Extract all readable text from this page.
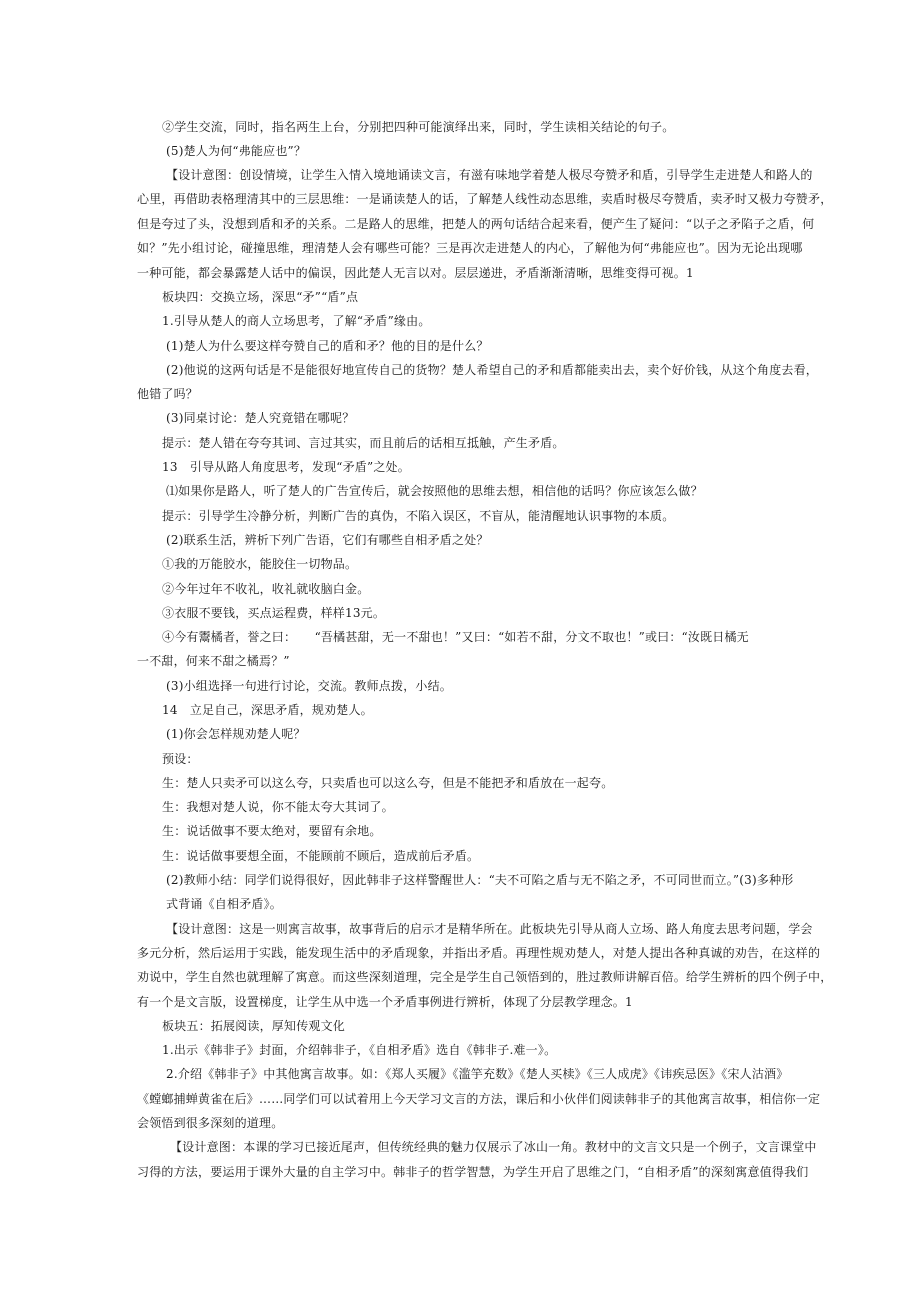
②学生交流，同时，指名两生上台，分别把四种可能演绎出来，同时，学生读相关结论的句子。
(5)楚人为何“弗能应也”？
【设计意图：创设情境，让学生入情入境地诵读文言，有滋有味地学着楚人极尽夸赞矛和盾，引导学生走进楚人和路人的
心里，再借助表格理清其中的三层思维：一是诵读楚人的话，了解楚人线性动态思维，卖盾时极尽夸赞盾，卖矛时又极力夸赞矛，
但是夸过了头，没想到盾和矛的关系。二是路人的思维，把楚人的两句话结合起来看，便产生了疑问：“以子之矛陷子之盾，何
如？”先小组讨论，碰撞思维，理清楚人会有哪些可能？三是再次走进楚人的内心，了解他为何“弗能应也”。因为无论出现哪
一种可能，都会暴露楚人话中的偏误，因此楚人无言以对。层层递进，矛盾渐渐清晰，思维变得可视。1
板块四：交换立场，深思“矛”“盾”点
1.引导从楚人的商人立场思考，了解“矛盾”缘由。
(1)楚人为什么要这样夸赞自己的盾和矛？他的目的是什么？
(2)他说的这两句话是不是能很好地宣传自己的货物？楚人希望自己的矛和盾都能卖出去，卖个好价钱，从这个角度去看，
他错了吗？
(3)同桌讨论：楚人究竟错在哪呢？
提示：楚人错在夸夸其词、言过其实，而且前后的话相互抵触，产生矛盾。
13　引导从路人角度思考，发现“矛盾”之处。
⑴如果你是路人，听了楚人的广告宣传后，就会按照他的思维去想，相信他的话吗？你应该怎么做？
提示：引导学生冷静分析，判断广告的真伪，不陷入误区，不盲从，能清醒地认识事物的本质。
(2)联系生活，辨析下列广告语，它们有哪些自相矛盾之处？
①我的万能胶水，能胶住一切物品。
②今年过年不收礼，收礼就收脑白金。
③衣服不要钱，买点运程费，样样13元。
④今有鬻橘者，誉之曰：　　“吾橘甚甜，无一不甜也！”又曰：“如若不甜，分文不取也！”或曰：“汝既日橘无
一不甜，何来不甜之橘焉？”
(3)小组选择一句进行讨论，交流。教师点拨，小结。
14　立足自己，深思矛盾，规劝楚人。
(1)你会怎样规劝楚人呢？
预设：
生：楚人只卖矛可以这么夸，只卖盾也可以这么夸，但是不能把矛和盾放在一起夸。
生：我想对楚人说，你不能太夸大其词了。
生：说话做事不要太绝对，要留有余地。
生：说话做事要想全面，不能顾前不顾后，造成前后矛盾。
(2)教师小结：同学们说得很好，因此韩非子这样警醒世人：“夫不可陷之盾与无不陷之矛，不可同世而立。”(3)多种形
式背诵《自相矛盾》。
【设计意图：这是一则寓言故事，故事背后的启示才是精华所在。此板块先引导从商人立场、路人角度去思考问题，学会
多元分析，然后运用于实践，能发现生活中的矛盾现象，并指出矛盾。再理性规劝楚人，对楚人提出各种真诚的劝告，在这样的
劝说中，学生自然也就理解了寓意。而这些深刻道理，完全是学生自己领悟到的，胜过教师讲解百倍。给学生辨析的四个例子中，
有一个是文言版，设置梯度，让学生从中选一个矛盾事例进行辨析，体现了分层教学理念。1
板块五：拓展阅读，厚知传观文化
1.出示《韩非子》封面，介绍韩非子，《自相矛盾》选自《韩非子.难一》。
2.介绍《韩非子》中其他寓言故事。如：《郑人买履》《滥竽充数》《楚人买椟》《三人成虎》《讳疾忌医》《宋人沽酒》
《螳螂捕蝉黄雀在后》……同学们可以试着用上今天学习文言的方法，课后和小伙伴们阅读韩非子的其他寓言故事，相信你一定
会领悟到很多深刻的道理。
【设计意图：本课的学习已接近尾声，但传统经典的魅力仅展示了冰山一角。教材中的文言文只是一个例子，文言课堂中
习得的方法，要运用于课外大量的自主学习中。韩非子的哲学智慧，为学生开启了思维之门，“自相矛盾”的深刻寓意值得我们
